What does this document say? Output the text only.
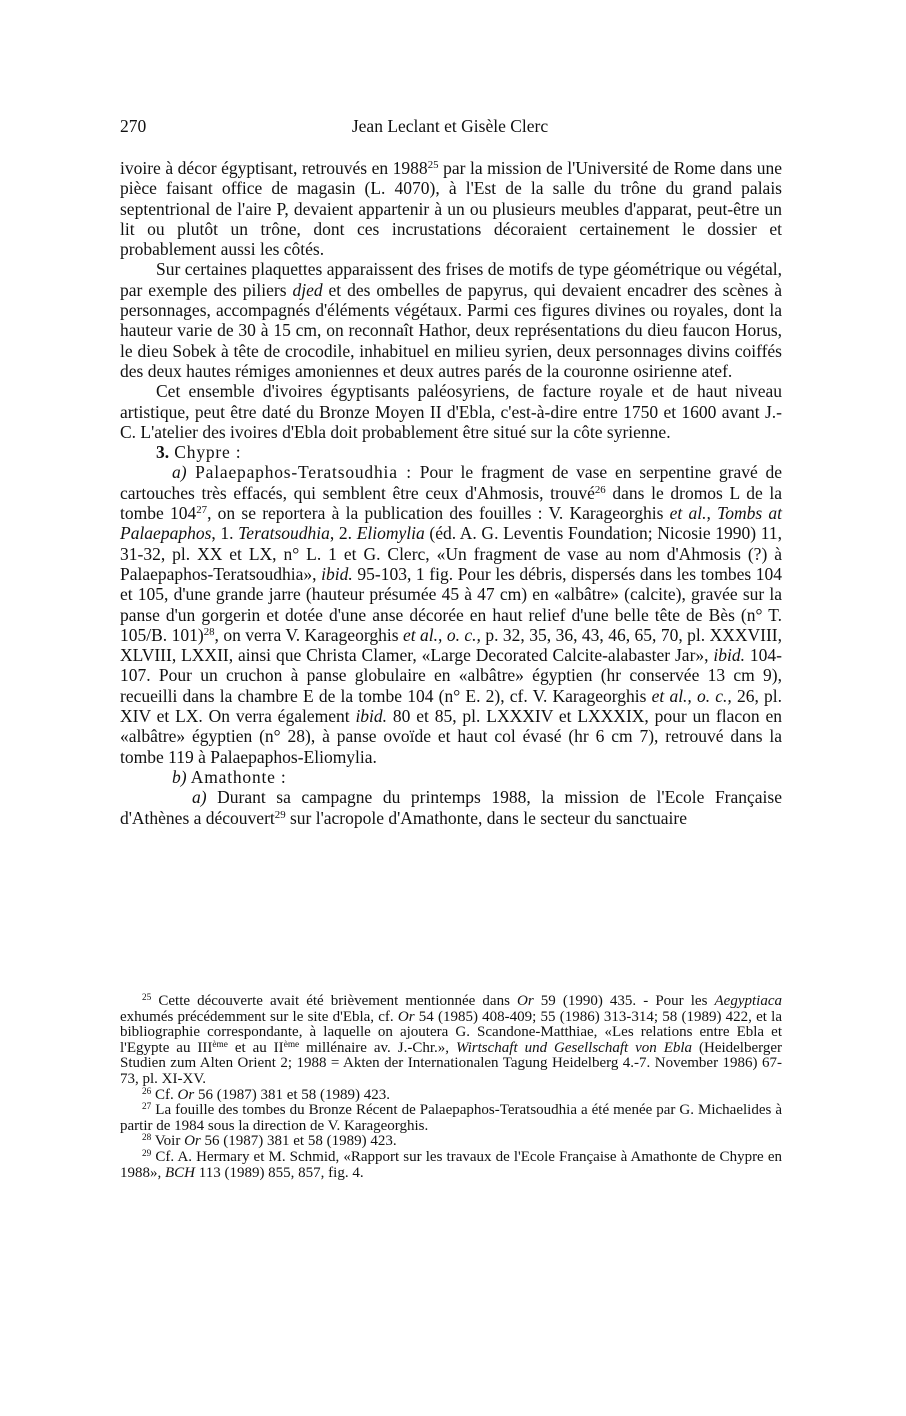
270	Jean Leclant et Gisèle Clerc

ivoire à décor égyptisant, retrouvés en 1988$^{25}$ par la mission de l'Université de Rome dans une pièce faisant office de magasin (L. 4070), à l'Est de la salle du trône du grand palais septentrional de l'aire P, devaient appartenir à un ou plusieurs meubles d'apparat, peut-être un lit ou plutôt un trône, dont ces incrustations décoraient certainement le dossier et probablement aussi les côtés.

Sur certaines plaquettes apparaissent des frises de motifs de type géométrique ou végétal, par exemple des piliers djed et des ombelles de papyrus, qui devaient encadrer des scènes à personnages, accompagnés d'éléments végétaux. Parmi ces figures divines ou royales, dont la hauteur varie de 30 à 15 cm, on reconnaît Hathor, deux représentations du dieu faucon Horus, le dieu Sobek à tête de crocodile, inhabituel en milieu syrien, deux personnages divins coiffés des deux hautes rémiges amoniennes et deux autres parés de la couronne osirienne atef.

Cet ensemble d'ivoires égyptisants paléosyriens, de facture royale et de haut niveau artistique, peut être daté du Bronze Moyen II d'Ebla, c'est-à-dire entre 1750 et 1600 avant J.-C. L'atelier des ivoires d'Ebla doit probablement être situé sur la côte syrienne.

3. Chypre :

a) Palaepaphos-Teratsoudhia : Pour le fragment de vase en serpentine gravé de cartouches très effacés, qui semblent être ceux d'Ahmosis, trouvé$^{26}$ dans le dromos L de la tombe $104^{27}$, on se reportera à la publication des fouilles : V. Karageorghis et al., Tombs at Palaepaphos, 1. Teratsoudhia, 2. Eliomylia (éd. A. G. Leventis Foundation; Nicosie 1990) 11, 31-32, pl. XX et LX, n° L. 1 et G. Clerc, «Un fragment de vase au nom d'Ahmosis (?) à Palaepaphos-Teratsoudhia», ibid. 95-103, 1 fig. Pour les débris, dispersés dans les tombes 104 et 105, d'une grande jarre (hauteur présumée 45 à 47 cm) en «albâtre» (calcite), gravée sur la panse d'un gorgerin et dotée d'une anse décorée en haut relief d'une belle tête de Bès (n° T. 105/B. 101)$^{28}$, on verra V. Karageorghis et al., o. c., p. 32, 35, 36, 43, 46, 65, 70, pl. XXXVIII, XLVIII, LXXII, ainsi que Christa Clamer, «Large Decorated Calcite-alabaster Jar», ibid. 104-107. Pour un cruchon à panse globulaire en «albâtre» égyptien (hr conservée 13 cm 9), recueilli dans la chambre E de la tombe 104 (n° E. 2), cf. V. Karageorghis et al., o. c., 26, pl. XIV et LX. On verra également ibid. 80 et 85, pl. LXXXIV et LXXXIX, pour un flacon en «albâtre» égyptien (n° 28), à panse ovoïde et haut col évasé (hr 6 cm 7), retrouvé dans la tombe 119 à Palaepaphos-Eliomylia.

b) Amathonte :

a) Durant sa campagne du printemps 1988, la mission de l'Ecole Française d'Athènes a découvert$^{29}$ sur l'acropole d'Amathonte, dans le secteur du sanctuaire

$^{25}$ Cette découverte avait été brièvement mentionnée dans Or 59 (1990) 435. - Pour les Aegyptiaca exhumés précédemment sur le site d'Ebla, cf. Or 54 (1985) 408-409; 55 (1986) 313-314; 58 (1989) 422, et la bibliographie correspondante, à laquelle on ajoutera G. Scandone-Matthiae, «Les relations entre Ebla et l'Egypte au IIIème et au IIème millénaire av. J.-Chr.», Wirtschaft und Gesellschaft von Ebla (Heidelberger Studien zum Alten Orient 2; 1988 = Akten der Internationalen Tagung Heidelberg 4.-7. November 1986) 67-73, pl. XI-XV.

$^{26}$ Cf. Or 56 (1987) 381 et 58 (1989) 423.

$^{27}$ La fouille des tombes du Bronze Récent de Palaepaphos-Teratsoudhia a été menée par G. Michaelides à partir de 1984 sous la direction de V. Karageorghis.

$^{28}$ Voir Or 56 (1987) 381 et 58 (1989) 423.

$^{29}$ Cf. A. Hermary et M. Schmid, «Rapport sur les travaux de l'Ecole Française à Amathonte de Chypre en 1988», BCH 113 (1989) 855, 857, fig. 4.
